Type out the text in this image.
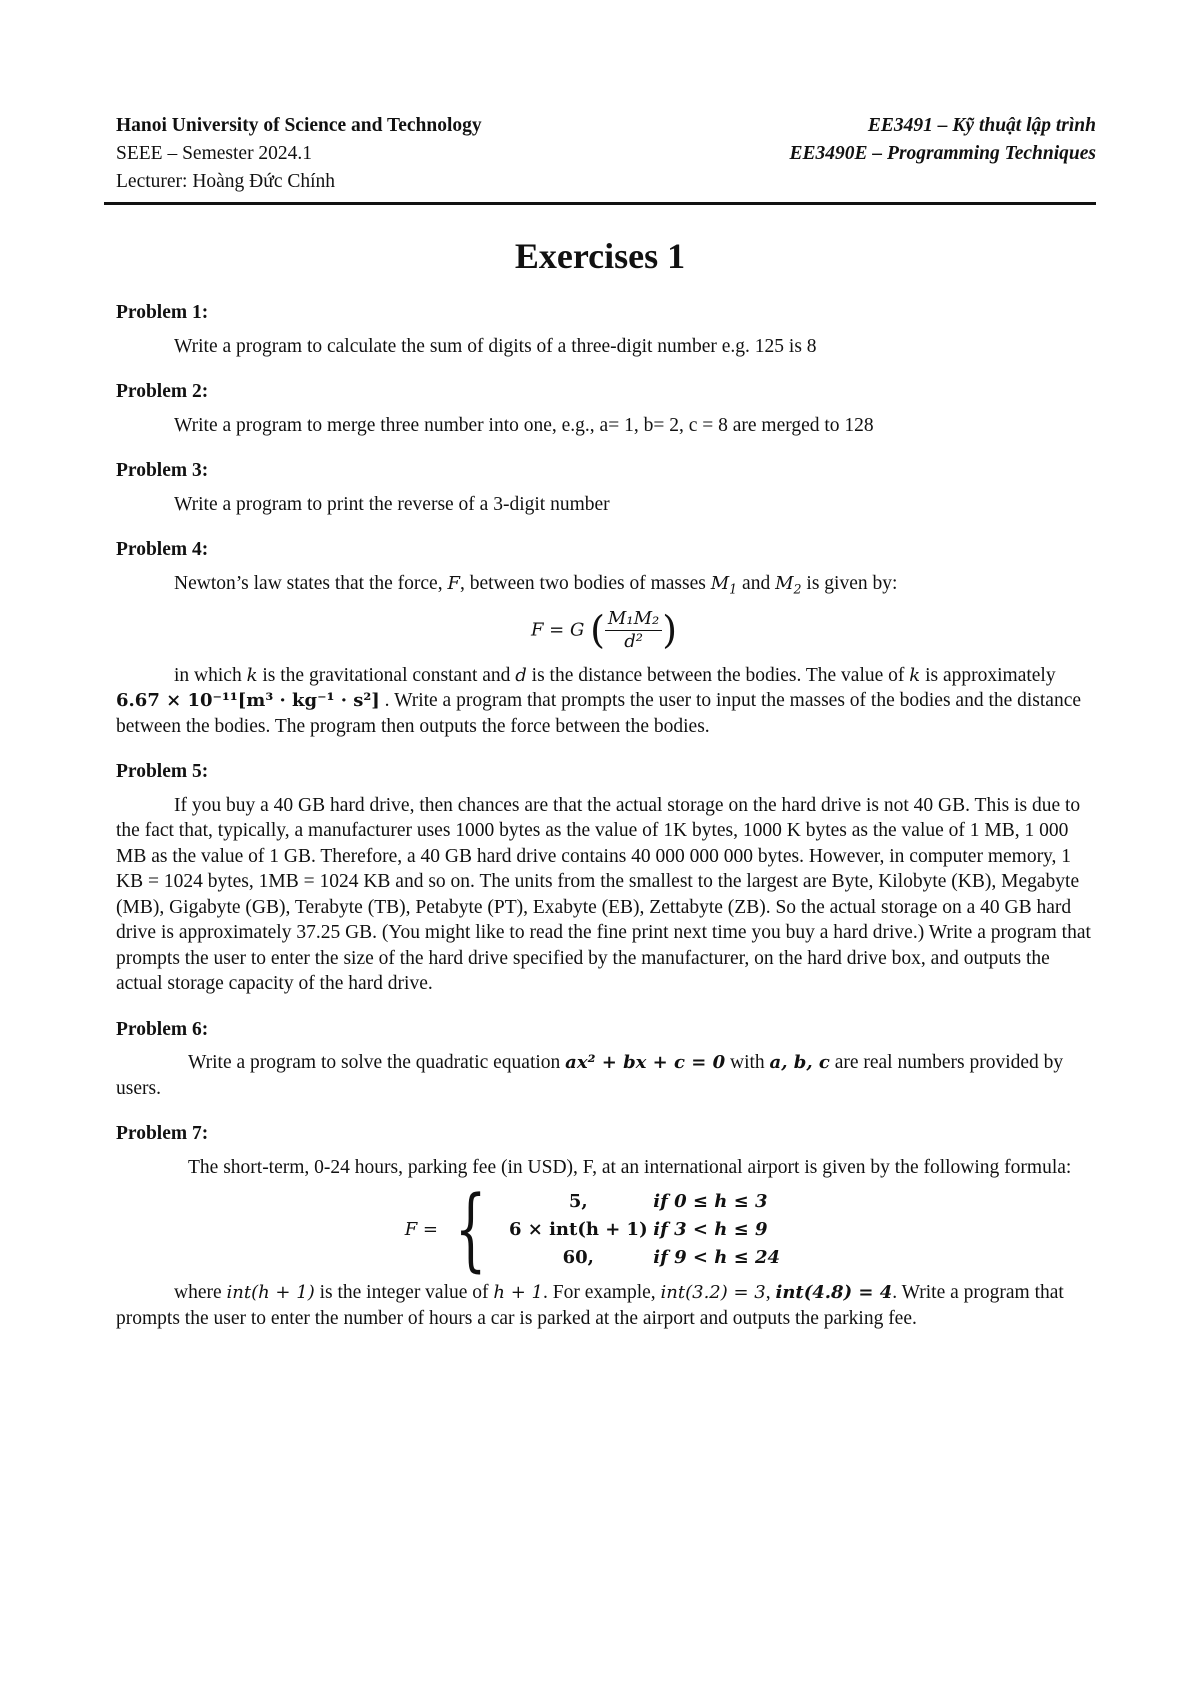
Hanoi University of Science and Technology
SEEE – Semester 2024.1
Lecturer: Hoàng Đức Chính
EE3491 – Kỹ thuật lập trình
EE3490E – Programming Techniques
Exercises 1
Problem 1:
Write a program to calculate the sum of digits of a three-digit number e.g. 125 is 8
Problem 2:
Write a program to merge three number into one, e.g., a= 1, b= 2, c = 8 are merged to 128
Problem 3:
Write a program to print the reverse of a 3-digit number
Problem 4:
Newton’s law states that the force, F, between two bodies of masses $M_1$ and $M_2$ is given by:
F = G ( $\frac{\text{M₁M₂}}{\text{d²}}$ )
in which k is the gravitational constant and d is the distance between the bodies. The value of k is approximately 6.67 × 10⁻¹¹[m³ · kg⁻¹ · s²] . Write a program that prompts the user to input the masses of the bodies and the distance between the bodies. The program then outputs the force between the bodies.
Problem 5:
If you buy a 40 GB hard drive, then chances are that the actual storage on the hard drive is not 40 GB. This is due to the fact that, typically, a manufacturer uses 1000 bytes as the value of 1K bytes, 1000 K bytes as the value of 1 MB, 1 000 MB as the value of 1 GB. Therefore, a 40 GB hard drive contains 40 000 000 000 bytes. However, in computer memory, 1 KB = 1024 bytes, 1MB = 1024 KB and so on. The units from the smallest to the largest are Byte, Kilobyte (KB), Megabyte (MB), Gigabyte (GB), Terabyte (TB), Petabyte (PT), Exabyte (EB), Zettabyte (ZB). So the actual storage on a 40 GB hard drive is approximately 37.25 GB. (You might like to read the fine print next time you buy a hard drive.) Write a program that prompts the user to enter the size of the hard drive specified by the manufacturer, on the hard drive box, and outputs the actual storage capacity of the hard drive.
Problem 6:
Write a program to solve the quadratic equation ax² + bx + c = 0 with a, b, c are real numbers provided by users.
Problem 7:
The short-term, 0-24 hours, parking fee (in USD), F, at an international airport is given by the following formula:
F = {	5,	if 0 ≤ h ≤ 3
6 × int(h + 1) if 3 < h ≤ 9
60,	if 9 < h ≤ 24
where int(h + 1) is the integer value of h + 1. For example, int(3.2) = 3, int(4.8) = 4. Write a program that prompts the user to enter the number of hours a car is parked at the airport and outputs the parking fee.
